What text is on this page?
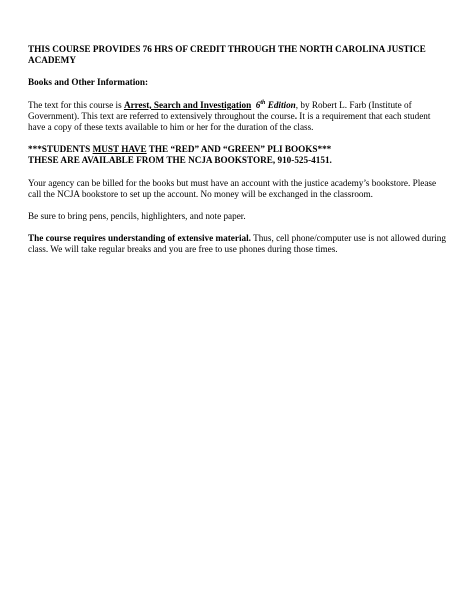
THIS COURSE PROVIDES 76 HRS OF CREDIT THROUGH THE NORTH CAROLINA JUSTICE ACADEMY

Books and Other Information:

The text for this course is Arrest, Search and Investigation 6th Edition, by Robert L. Farb (Institute of Government). This text are referred to extensively throughout the course. It is a requirement that each student have a copy of these texts available to him or her for the duration of the class.

***STUDENTS MUST HAVE THE “RED” AND “GREEN” PLI BOOKS***
THESE ARE AVAILABLE FROM THE NCJA BOOKSTORE, 910-525-4151.

Your agency can be billed for the books but must have an account with the justice academy’s bookstore. Please call the NCJA bookstore to set up the account. No money will be exchanged in the classroom.

Be sure to bring pens, pencils, highlighters, and note paper.

The course requires understanding of extensive material. Thus, cell phone/computer use is not allowed during class. We will take regular breaks and you are free to use phones during those times.
